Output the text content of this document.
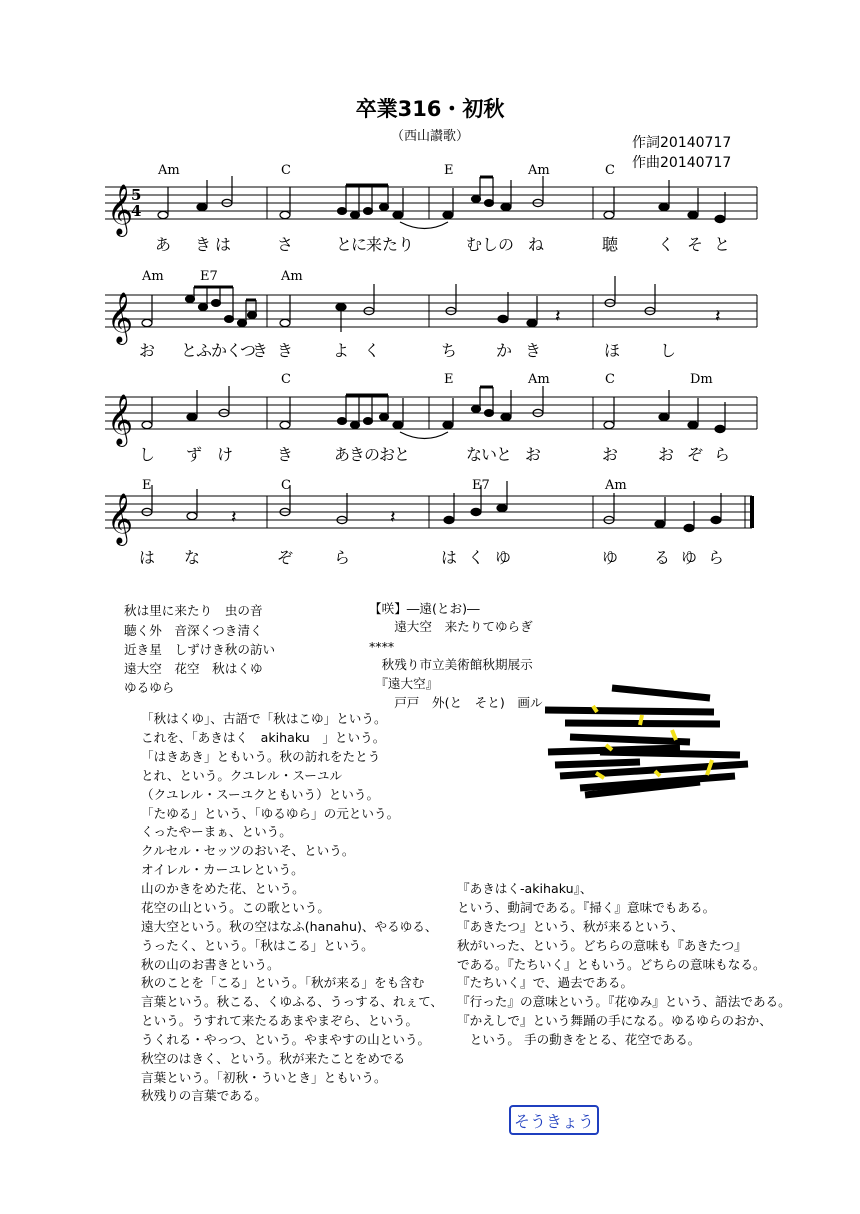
卒業316・初秋
（西山讃歌）	作詞20140717
作曲20140717
𝄞
𝄞
𝄞
𝄞
5
4
𝄽	𝄽
𝄽	𝄽
Am	C	E	Am	C
Am	E7	Am
C	E	Am	C	Dm
E	C	E7	Am
あ き は	さ	と
に
来 た り	むし の ね	聴 く そ と
お と
ふ
か
く
つ
き き よ く	ち か き	ほ し
し ず け	き	あ
き
の
お
と	な
い
と お	お お ぞ ら
は な	ぞ	ら	は く ゆ	ゆ る ゆ ら
秋は里に来たり　虫の音
聴く外　音深くつき清く
近き星　しずけき秋の訪い
遠大空　花空　秋はくゆ
ゆるゆら
【咲】―遠(とお)―
　　遠大空　来たりてゆらぎ
****
　秋残り市立美術館秋期展示
　『遠大空』
　　戸戸　外(と　そと)　画ル
「秋はくゆ」、古語で「秋はこゆ」という。
これを、「あきはく　akihaku　」という。
「はきあき」ともいう。秋の訪れをたとう
とれ、という。クユレル・スーユル
（クユレル・スーユクともいう）という。
「たゆる」という、「ゆるゆら」の元という。
くったやーまぁ、という。
クルセル・セッツのおいそ、という。
オイレル・カーユレという。
山のかきをめた花、という。
花空の山という。この歌という。
遠大空という。秋の空はなふ(hanahu)、やるゆる、
うったく、という。「秋はこる」という。
秋の山のお書きという。
秋のことを「こる」という。「秋が来る」をも含む
言葉という。秋こる、くゆふる、うっする、れぇて、
という。うすれて来たるあまやまぞら、という。
うくれる・やっつ、という。やまやすの山という。
秋空のはきく、という。秋が来たことをめでる
言葉という。「初秋・ういとき」ともいう。
秋残りの言葉である。
『あきはく-akihaku』、
という、動詞である。『掃く』意味でもある。
『あきたつ』という、秋が来るという、
秋がいった、という。どちらの意味も『あきたつ』
である。『たちいく』ともいう。どちらの意味もなる。
『たちいく』で、過去である。
『行った』の意味という。『花ゆみ』という、語法である。
『かえしで』という舞踊の手になる。ゆるゆらのおか、
　という。 手の動きをとる、花空である。
そうきょう
